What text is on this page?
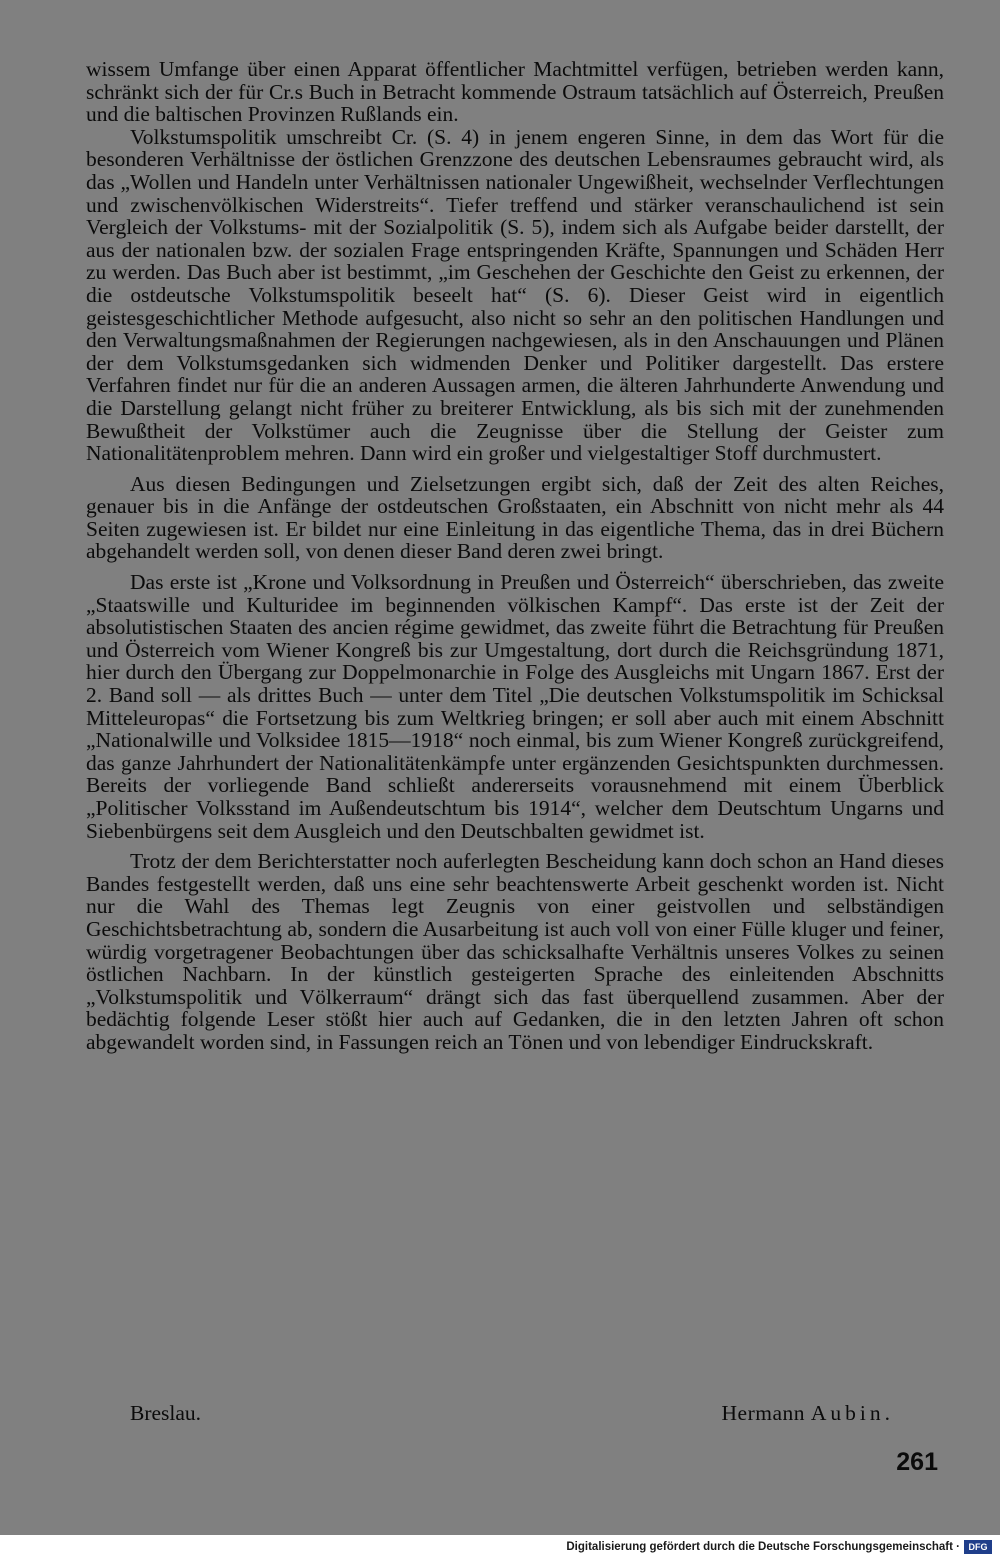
wissem Umfange über einen Apparat öffentlicher Machtmittel verfügen, betrieben werden kann, schränkt sich der für Cr.s Buch in Betracht kommende Ostraum tatsächlich auf Österreich, Preußen und die baltischen Provinzen Rußlands ein.

Volkstumspolitik umschreibt Cr. (S. 4) in jenem engeren Sinne, in dem das Wort für die besonderen Verhältnisse der östlichen Grenzzone des deutschen Lebensraumes gebraucht wird, als das „Wollen und Handeln unter Verhältnissen nationaler Ungewißheit, wechselnder Verflechtungen und zwischenvölkischen Widerstreits“. Tiefer treffend und stärker veranschaulichend ist sein Vergleich der Volkstums- mit der Sozialpolitik (S. 5), indem sich als Aufgabe beider darstellt, der aus der nationalen bzw. der sozialen Frage entspringenden Kräfte, Spannungen und Schäden Herr zu werden. Das Buch aber ist bestimmt, „im Geschehen der Geschichte den Geist zu erkennen, der die ostdeutsche Volkstumspolitik beseelt hat“ (S. 6). Dieser Geist wird in eigentlich geistesgeschichtlicher Methode aufgesucht, also nicht so sehr an den politischen Handlungen und den Verwaltungsmaßnahmen der Regierungen nachgewiesen, als in den Anschauungen und Plänen der dem Volkstumsgedanken sich widmenden Denker und Politiker dargestellt. Das erstere Verfahren findet nur für die an anderen Aussagen armen, die älteren Jahrhunderte Anwendung und die Darstellung gelangt nicht früher zu breiterer Entwicklung, als bis sich mit der zunehmenden Bewußtheit der Volkstümer auch die Zeugnisse über die Stellung der Geister zum Nationalitätenproblem mehren. Dann wird ein großer und vielgestaltiger Stoff durchmustert.

Aus diesen Bedingungen und Zielsetzungen ergibt sich, daß der Zeit des alten Reiches, genauer bis in die Anfänge der ostdeutschen Großstaaten, ein Abschnitt von nicht mehr als 44 Seiten zugewiesen ist. Er bildet nur eine Einleitung in das eigentliche Thema, das in drei Büchern abgehandelt werden soll, von denen dieser Band deren zwei bringt.

Das erste ist „Krone und Volksordnung in Preußen und Österreich“ überschrieben, das zweite „Staatswille und Kulturidee im beginnenden völkischen Kampf“. Das erste ist der Zeit der absolutistischen Staaten des ancien régime gewidmet, das zweite führt die Betrachtung für Preußen und Österreich vom Wiener Kongreß bis zur Umgestaltung, dort durch die Reichsgründung 1871, hier durch den Übergang zur Doppelmonarchie in Folge des Ausgleichs mit Ungarn 1867. Erst der 2. Band soll — als drittes Buch — unter dem Titel „Die deutschen Volkstumspolitik im Schicksal Mitteleuropas“ die Fortsetzung bis zum Weltkrieg bringen; er soll aber auch mit einem Abschnitt „Nationalwille und Volksidee 1815—1918“ noch einmal, bis zum Wiener Kongreß zurückgreifend, das ganze Jahrhundert der Nationalitätenkämpfe unter ergänzenden Gesichtspunkten durchmessen. Bereits der vorliegende Band schließt andererseits vorausnehmend mit einem Überblick „Politischer Volksstand im Außendeutschtum bis 1914“, welcher dem Deutschtum Ungarns und Siebenbürgens seit dem Ausgleich und den Deutschbalten gewidmet ist.

Trotz der dem Berichterstatter noch auferlegten Bescheidung kann doch schon an Hand dieses Bandes festgestellt werden, daß uns eine sehr beachtenswerte Arbeit geschenkt worden ist. Nicht nur die Wahl des Themas legt Zeugnis von einer geistvollen und selbständigen Geschichtsbetrachtung ab, sondern die Ausarbeitung ist auch voll von einer Fülle kluger und feiner, würdig vorgetragener Beobachtungen über das schicksalhafte Verhältnis unseres Volkes zu seinen östlichen Nachbarn. In der künstlich gesteigerten Sprache des einleitenden Abschnitts „Volkstumspolitik und Völkerraum“ drängt sich das fast überquellend zusammen. Aber der bedächtig folgende Leser stößt hier auch auf Gedanken, die in den letzten Jahren oft schon abgewandelt worden sind, in Fassungen reich an Tönen und von lebendiger Eindruckskraft.

Breslau.	Hermann Aubin.
261
Digitalisierung gefördert durch die Deutsche Forschungsgemeinschaft · DFG
